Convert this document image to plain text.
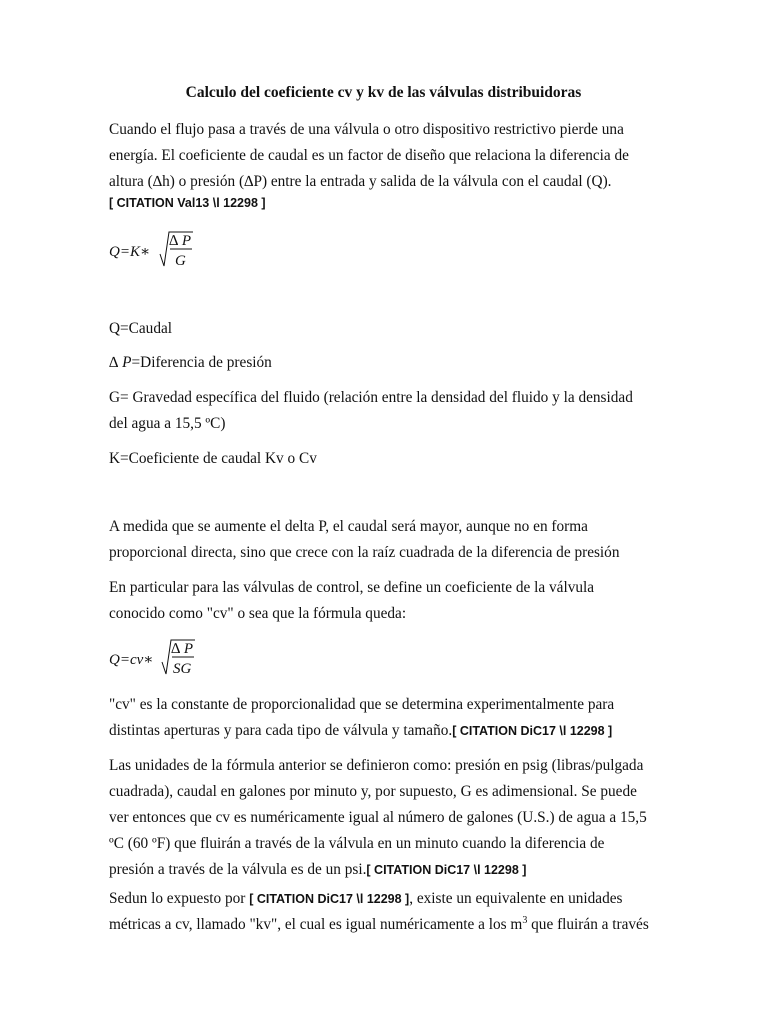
Calculo del coeficiente cv y kv de las válvulas distribuidoras
Cuando el flujo pasa a través de una válvula o otro dispositivo restrictivo pierde una
energía. El coeficiente de caudal es un factor de diseño que relaciona la diferencia de
altura (∆h) o presión (∆P) entre la entrada y salida de la válvula con el caudal (Q).
[ CITATION Val13 \l 12298 ]
Q=K∗
∆ P
G
Q=Caudal
∆ P=Diferencia de presión
G= Gravedad específica del fluido (relación entre la densidad del fluido y la densidad
del agua a 15,5 ºC)
K=Coeficiente de caudal Kv o Cv
A medida que se aumente el delta P, el caudal será mayor, aunque no en forma
proporcional directa, sino que crece con la raíz cuadrada de la diferencia de presión
En particular para las válvulas de control, se define un coeficiente de la válvula
conocido como "cv" o sea que la fórmula queda:
Q=cv∗
∆ P
SG
"cv" es la constante de proporcionalidad que se determina experimentalmente para
distintas aperturas y para cada tipo de válvula y tamaño.[ CITATION DiC17 \l 12298 ]
Las unidades de la fórmula anterior se definieron como: presión en psig (libras/pulgada
cuadrada), caudal en galones por minuto y, por supuesto, G es adimensional. Se puede
ver entonces que cv es numéricamente igual al número de galones (U.S.) de agua a 15,5
ºC (60 ºF) que fluirán a través de la válvula en un minuto cuando la diferencia de
presión a través de la válvula es de un psi.[ CITATION DiC17 \l 12298 ]
Sedun lo expuesto por [ CITATION DiC17 \l 12298 ], existe un equivalente en unidades
métricas a cv, llamado "kv", el cual es igual numéricamente a los $m^3$ que fluirán a través
